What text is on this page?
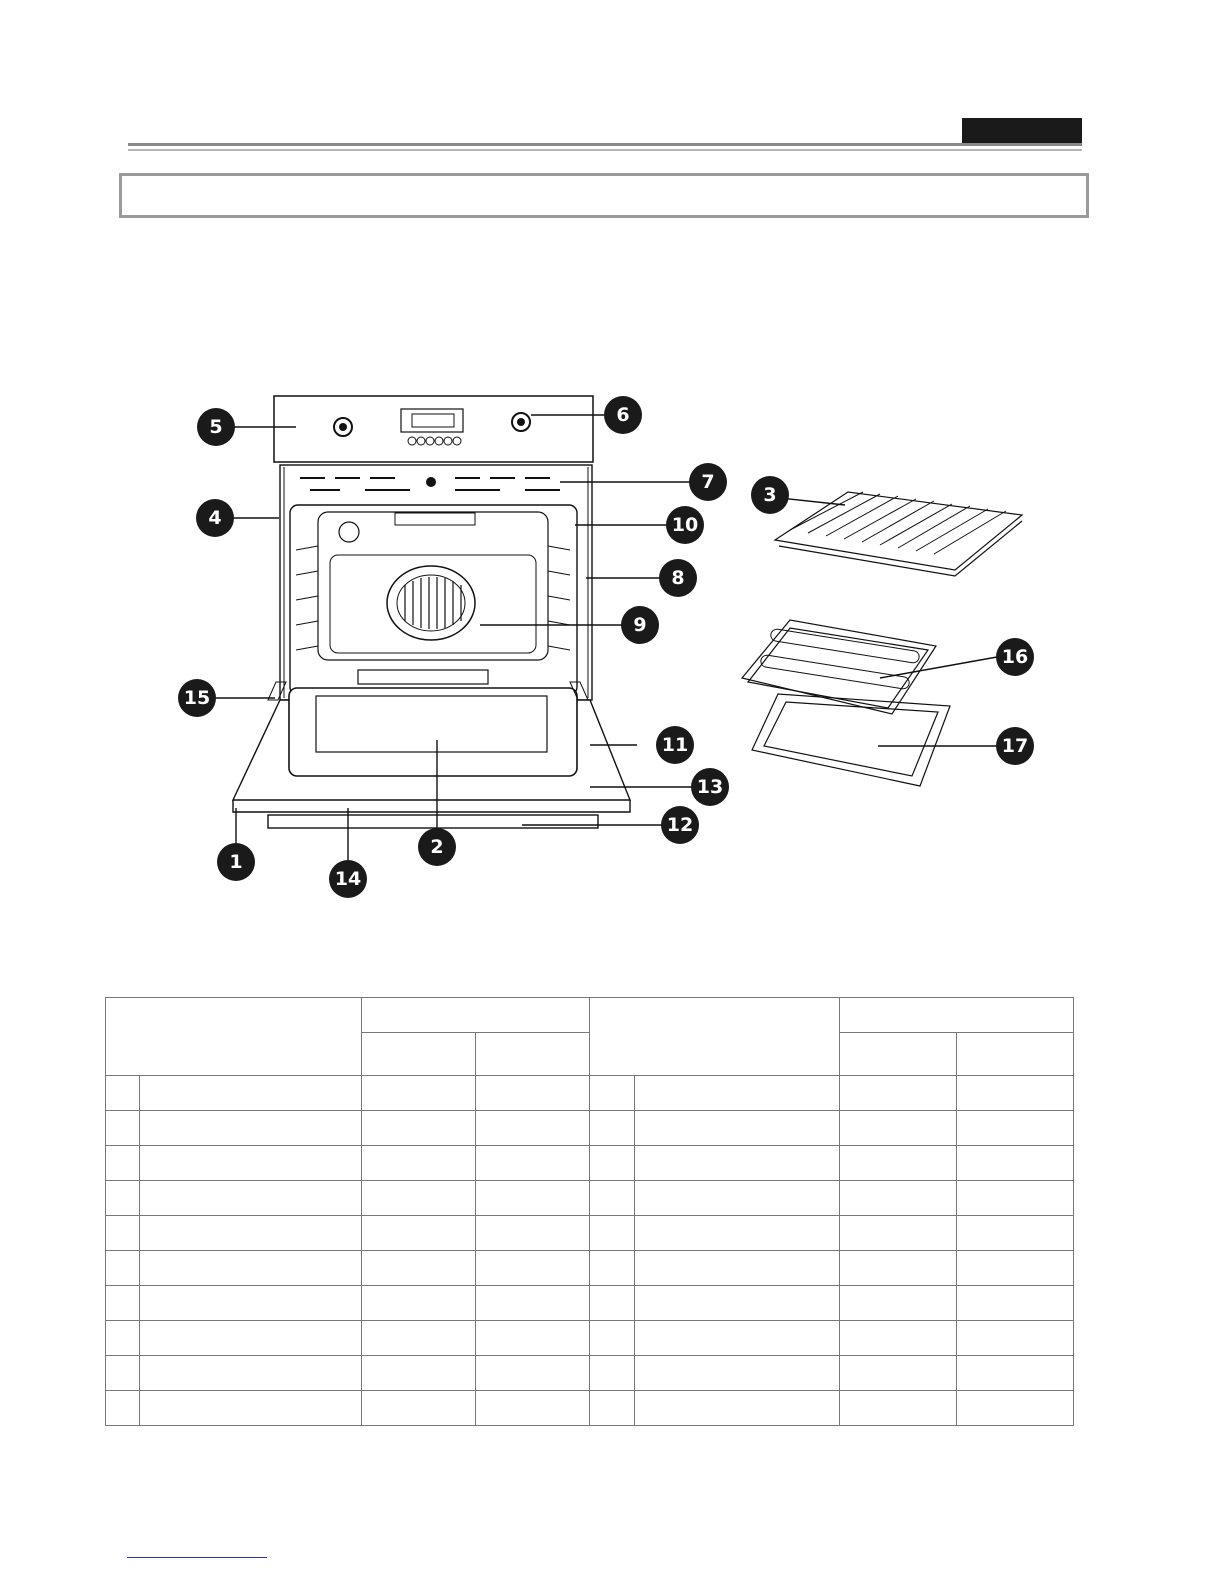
5
6
7
4	10
8
9
15
11
13
12
1
14
2
3
16
17
